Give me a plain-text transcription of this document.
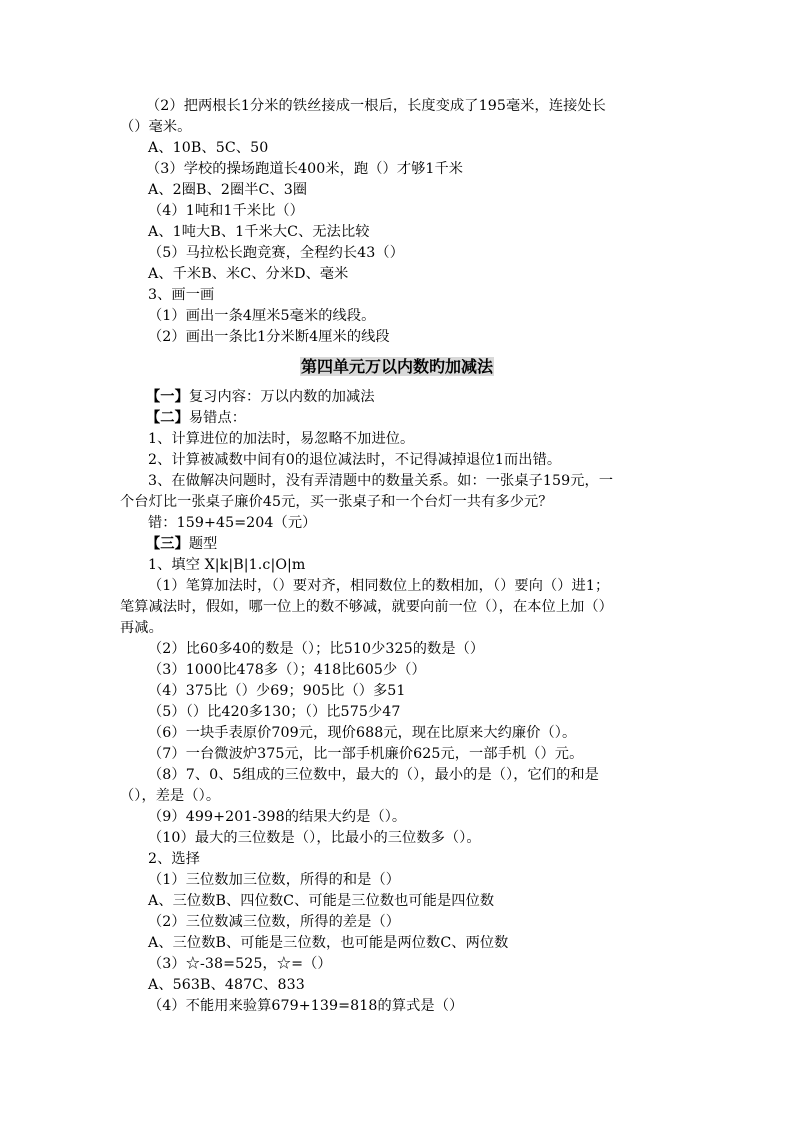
（2）把两根长1分米的铁丝接成一根后，长度变成了195毫米，连接处长
（）毫米。
A、10B、5C、50
（3）学校的操场跑道长400米，跑（）才够1千米
A、2圈B、2圈半C、3圈
（4）1吨和1千米比（）
A、1吨大B、1千米大C、无法比较
（5）马拉松长跑竞赛，全程约长43（）
A、千米B、米C、分米D、毫米
3、画一画
（1）画出一条4厘米5毫米的线段。
（2）画出一条比1分米断4厘米的线段
第四单元万以内数旳加减法
【一】复习内容：万以内数的加减法
【二】易错点：
1、计算进位的加法时，易忽略不加进位。
2、计算被减数中间有0的退位减法时，不记得减掉退位1而出错。
3、在做解决问题时，没有弄清题中的数量关系。如：一张桌子159元，一
个台灯比一张桌子廉价45元，买一张桌子和一个台灯一共有多少元？
错：159+45=204（元）
【三】题型
1、填空 X|k|B|1.c|O|m
（1）笔算加法时，（）要对齐，相同数位上的数相加，（）要向（）进1；
笔算减法时，假如，哪一位上的数不够减，就要向前一位（），在本位上加（）
再减。
（2）比60多40的数是（）；比510少325的数是（）
（3）1000比478多（）；418比605少（）
（4）375比（）少69；905比（）多51
（5）（）比420多130；（）比575少47
（6）一块手表原价709元，现价688元，现在比原来大约廉价（）。
（7）一台微波炉375元，比一部手机廉价625元，一部手机（）元。
（8）7、0、5组成的三位数中，最大的（），最小的是（），它们的和是
（），差是（）。
（9）499+201-398的结果大约是（）。
（10）最大的三位数是（），比最小的三位数多（）。
2、选择
（1）三位数加三位数，所得的和是（）
A、三位数B、四位数C、可能是三位数也可能是四位数
（2）三位数减三位数，所得的差是（）
A、三位数B、可能是三位数，也可能是两位数C、两位数
（3）☆-38=525，☆=（）
A、563B、487C、833
（4）不能用来验算679+139=818的算式是（）
